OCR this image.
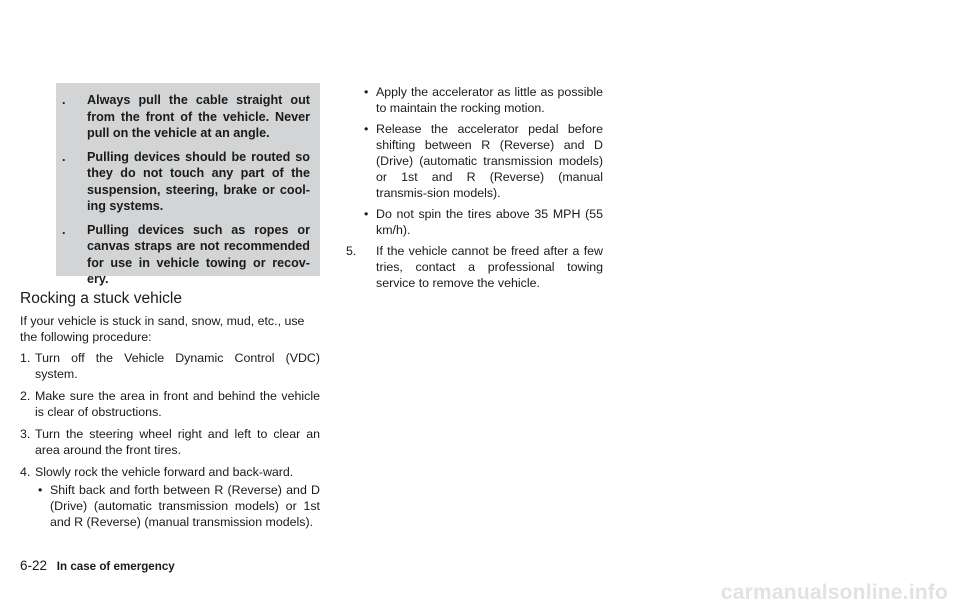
. Always pull the cable straight out from the front of the vehicle. Never pull on the vehicle at an angle.
. Pulling devices should be routed so they do not touch any part of the suspension, steering, brake or cool-ing systems.
. Pulling devices such as ropes or canvas straps are not recommended for use in vehicle towing or recov-ery.
Rocking a stuck vehicle

If your vehicle is stuck in sand, snow, mud, etc., use the following procedure:

1. Turn off the Vehicle Dynamic Control (VDC) system.
2. Make sure the area in front and behind the vehicle is clear of obstructions.
3. Turn the steering wheel right and left to clear an area around the front tires.
4. Slowly rock the vehicle forward and back-ward.
• Shift back and forth between R (Reverse) and D (Drive) (automatic transmission models) or 1st and R (Reverse) (manual transmission models).
• Apply the accelerator as little as possible to maintain the rocking motion.
• Release the accelerator pedal before shifting between R (Reverse) and D (Drive) (automatic transmission models) or 1st and R (Reverse) (manual transmis-sion models).
• Do not spin the tires above 35 MPH (55 km/h).
5. If the vehicle cannot be freed after a few tries, contact a professional towing service to remove the vehicle.
6-22 In case of emergency
carmanualsonline.info
